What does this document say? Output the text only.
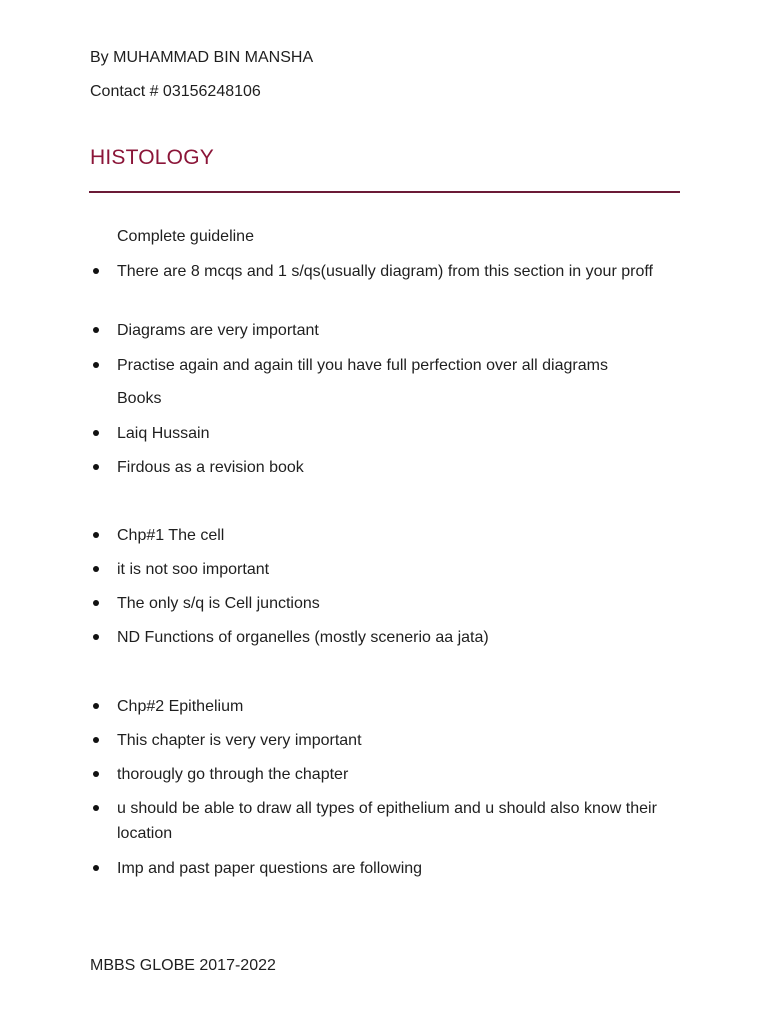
By MUHAMMAD BIN MANSHA
Contact # 03156248106
HISTOLOGY
Complete guideline
There are 8 mcqs and 1 s/qs(usually diagram) from this section in your proff
Diagrams are very important
Practise again and again till you have full perfection over all diagrams
Books
Laiq Hussain
Firdous as a revision book
Chp#1 The cell
it is not soo important
The only s/q is Cell junctions
ND Functions of organelles (mostly scenerio aa jata)
Chp#2 Epithelium
This chapter is very very important
thorougly go through the chapter
u should be able to draw all types of epithelium and u should also know their location
Imp and past paper questions are following
MBBS GLOBE 2017-2022
